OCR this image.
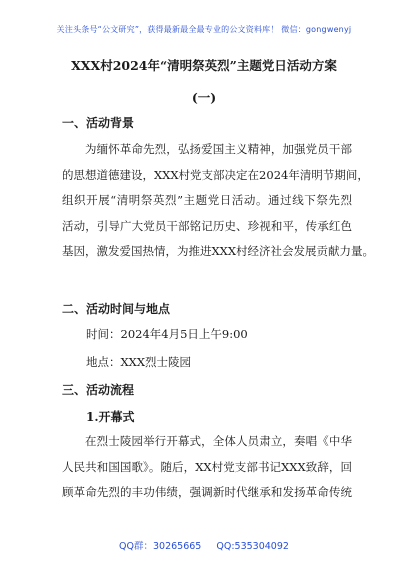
关注头条号“公文研究”，获得最新最全最专业的公文资料库！ 微信：gongwenyj
XXX村2024年“清明祭英烈”主题党日活动方案
(一)
一、活动背景
为缅怀革命先烈，弘扬爱国主义精神，加强党员干部
的思想道德建设，XXX村党支部决定在2024年清明节期间，
组织开展“清明祭英烈”主题党日活动。通过线下祭先烈
活动，引导广大党员干部铭记历史、珍视和平，传承红色
基因，激发爱国热情，为推进XXX村经济社会发展贡献力量。
二、活动时间与地点
时间：2024年4月5日上午9:00
地点：XXX烈士陵园
三、活动流程
1.开幕式
在烈士陵园举行开幕式，全体人员肃立，奏唱《中华
人民共和国国歌》。随后，XX村党支部书记XXX致辞，回
顾革命先烈的丰功伟绩，强调新时代继承和发扬革命传统
QQ群：30265665 QQ:535304092
